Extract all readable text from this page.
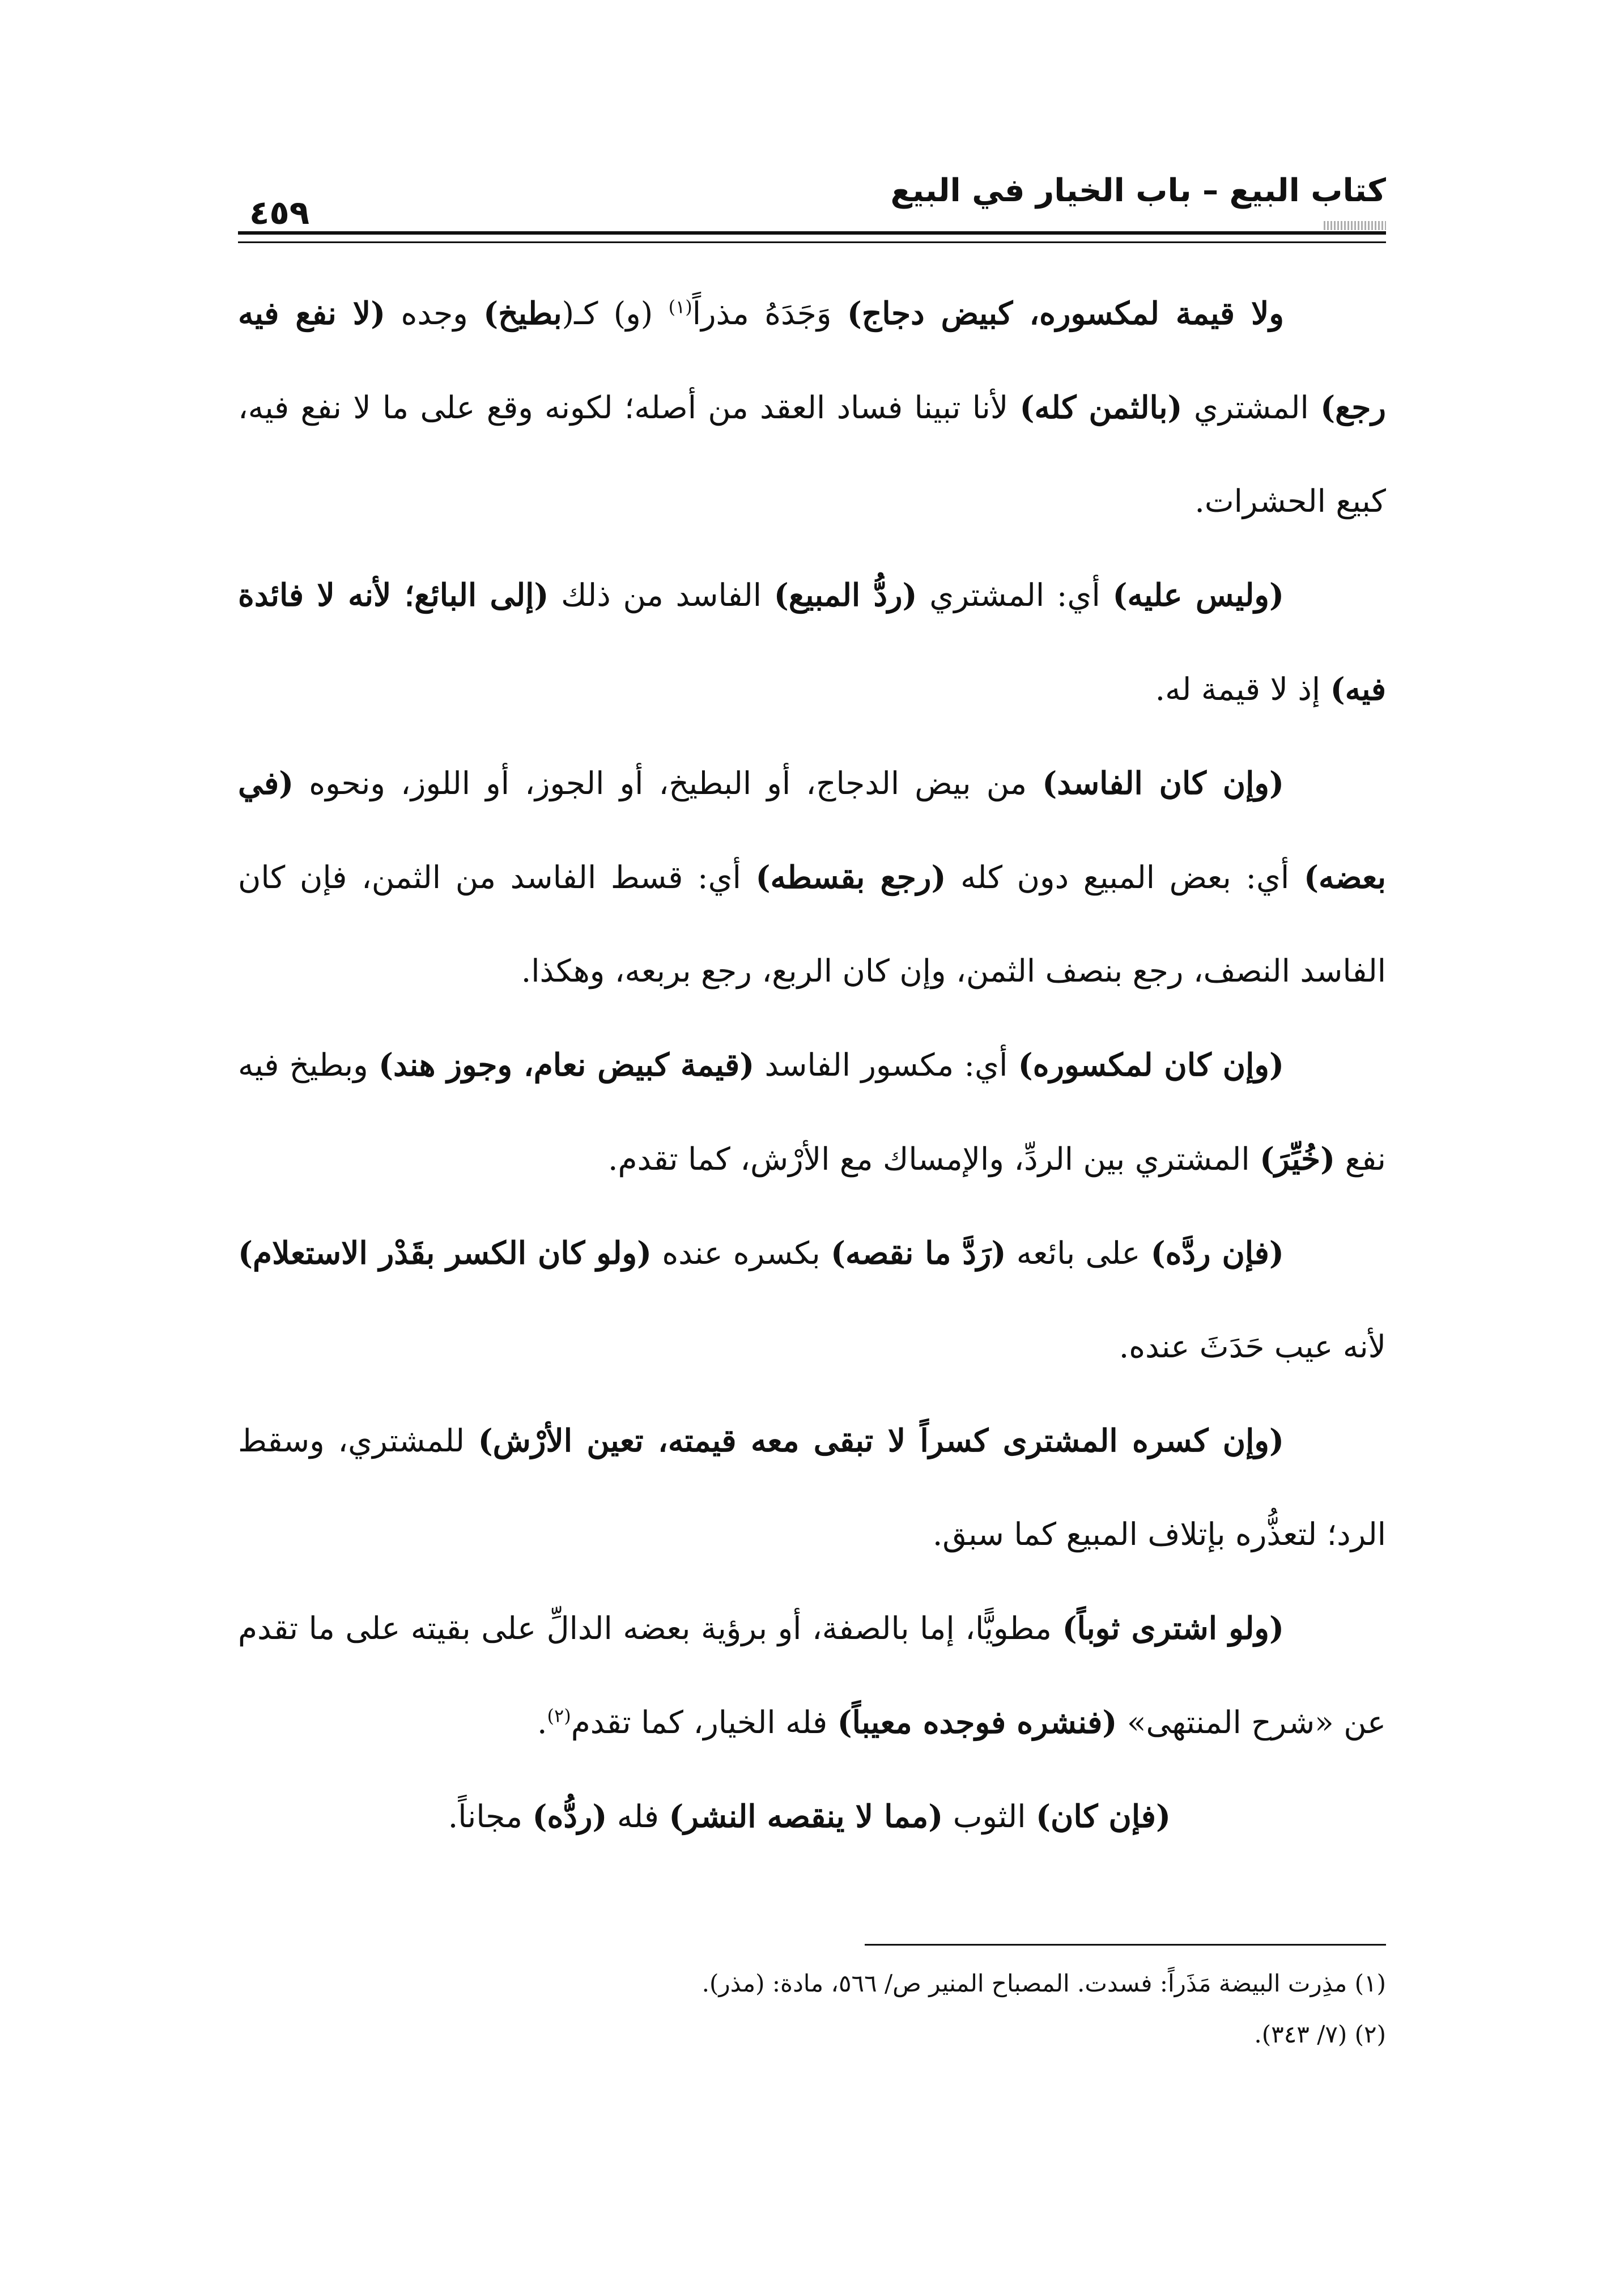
كتاب البيع – باب الخيار في البيع
٤٥٩

ولا قيمة لمكسوره، كبيض دجاج) وَجَدَهُ مذراً$^{(١)}$ (و) كـ(بطيخ) وجده (لا نفع فيه رجع) المشتري (بالثمن كله) لأنا تبينا فساد العقد من أصله؛ لكونه وقع على ما لا نفع فيه، كبيع الحشرات.

(وليس عليه) أي: المشتري (ردُّ المبيع) الفاسد من ذلك (إلى البائع؛ لأنه لا فائدة فيه) إذ لا قيمة له.

(وإن كان الفاسد) من بيض الدجاج، أو البطيخ، أو الجوز، أو اللوز، ونحوه (في بعضه) أي: بعض المبيع دون كله (رجع بقسطه) أي: قسط الفاسد من الثمن، فإن كان الفاسد النصف، رجع بنصف الثمن، وإن كان الربع، رجع بربعه، وهكذا.

(وإن كان لمكسوره) أي: مكسور الفاسد (قيمة كبيض نعام، وجوز هند) وبطيخ فيه نفع (خُيِّرَ) المشتري بين الردِّ، والإمساك مع الأرْش، كما تقدم.

(فإن ردَّه) على بائعه (رَدَّ ما نقصه) بكسره عنده (ولو كان الكسر بقَدْر الاستعلام) لأنه عيب حَدَثَ عنده.

(وإن كسره المشترى كسراً لا تبقى معه قيمته، تعين الأرْش) للمشتري، وسقط الرد؛ لتعذُّره بإتلاف المبيع كما سبق.

(ولو اشترى ثوباً) مطويًّا، إما بالصفة، أو برؤية بعضه الدالِّ على بقيته على ما تقدم عن «شرح المنتهى» (فنشره فوجده معيباً) فله الخيار، كما تقدم$^{(٢)}$.

(فإن كان) الثوب (مما لا ينقصه النشر) فله (ردُّه) مجاناً.

(١) مذِرت البيضة مَذَراً: فسدت. المصباح المنير ص/ ٥٦٦، مادة: (مذر).

(٢) (٧/ ٣٤٣).
